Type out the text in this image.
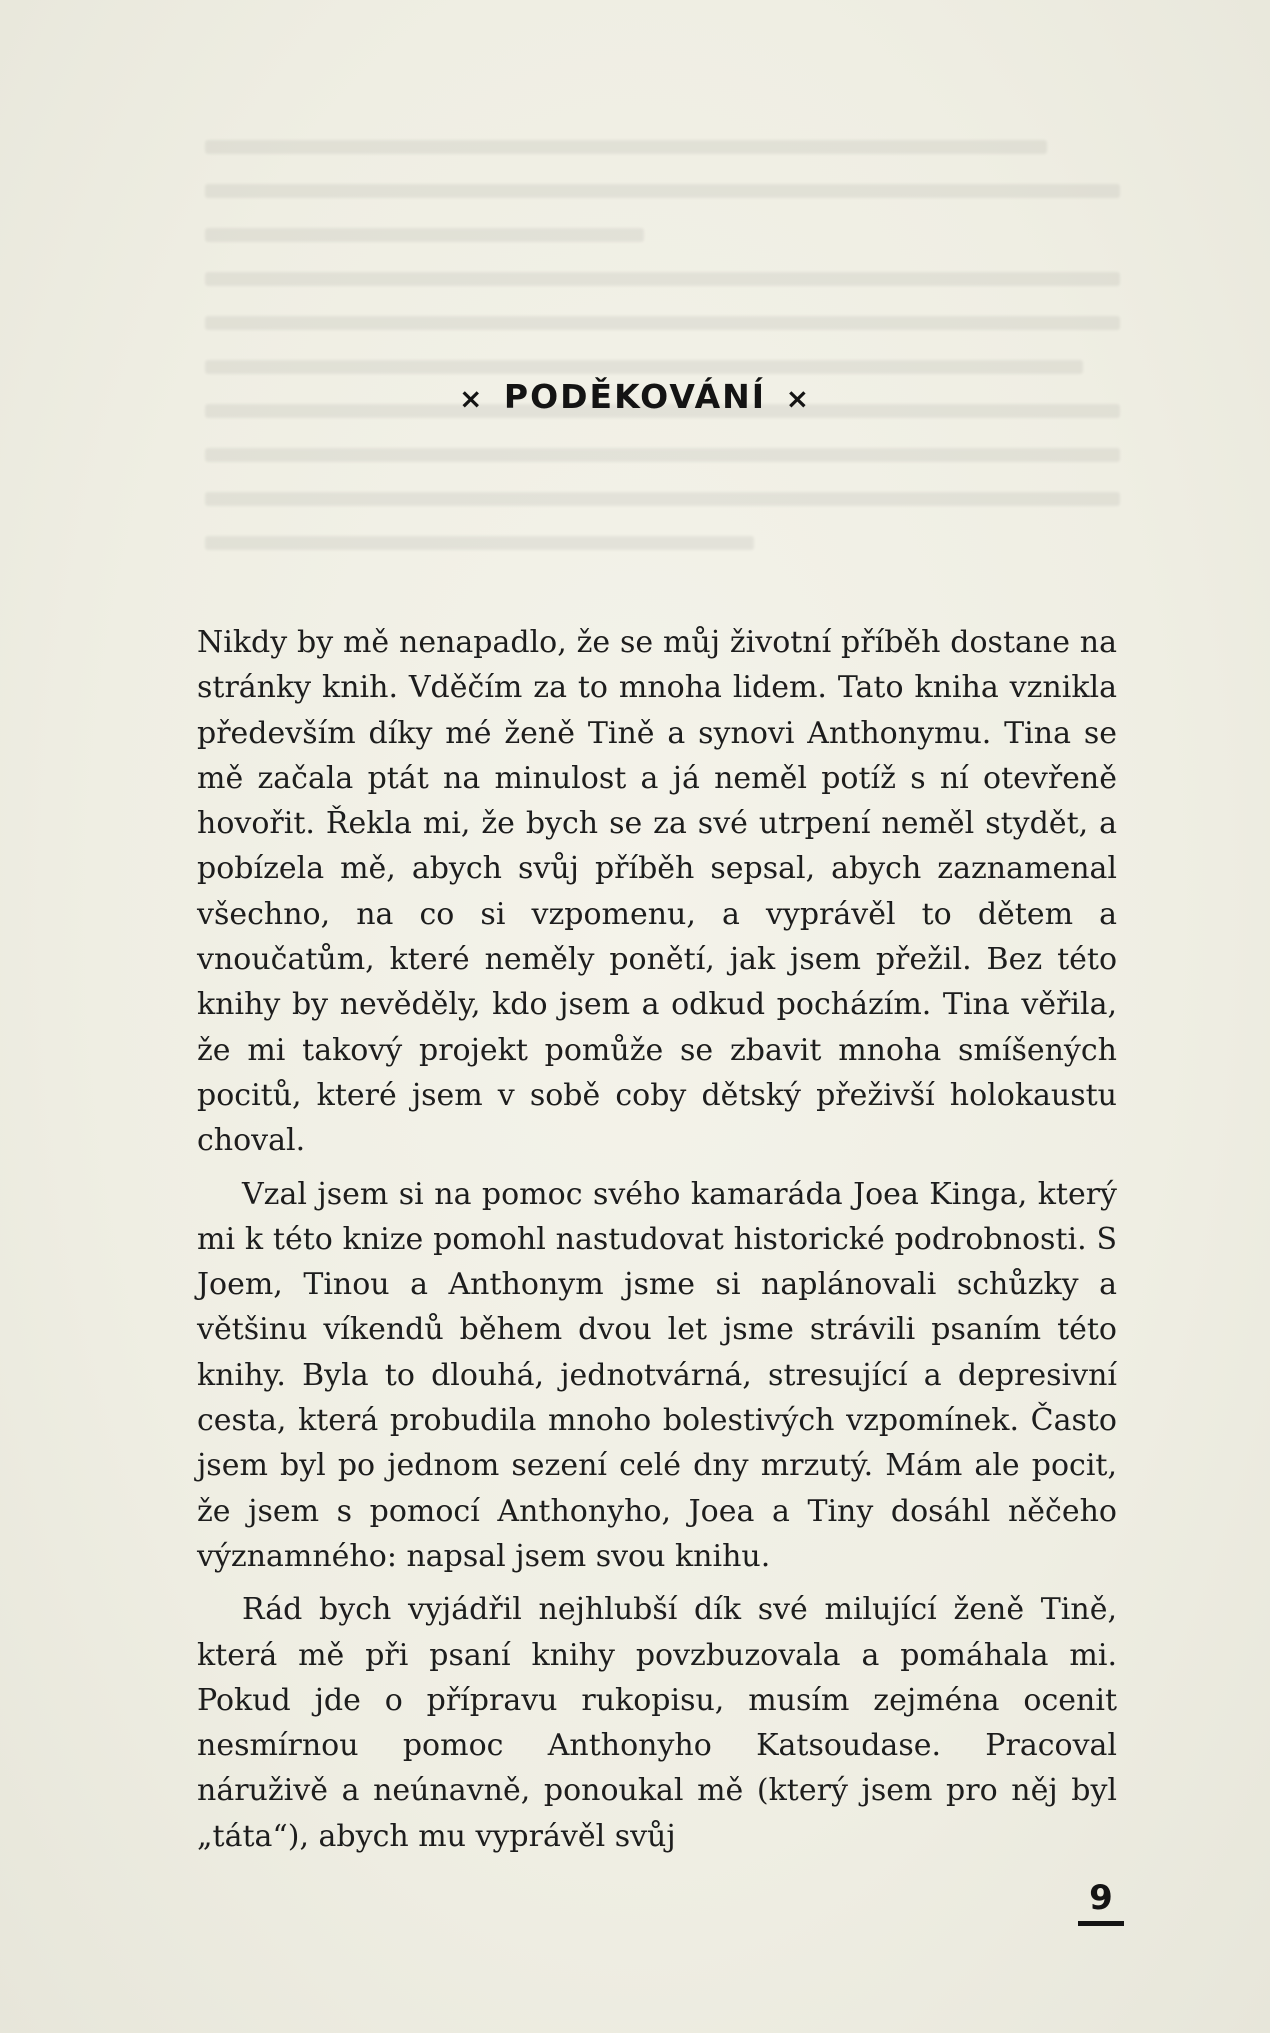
× PODĚKOVÁNÍ ×

Nikdy by mě nenapadlo, že se můj životní příběh dostane na stránky knih. Vděčím za to mnoha lidem. Tato kniha vznikla především díky mé ženě Tině a synovi Anthonymu. Tina se mě začala ptát na minulost a já neměl potíž s ní otevřeně hovořit. Řekla mi, že bych se za své utrpení neměl stydět, a pobízela mě, abych svůj příběh sepsal, abych zaznamenal všechno, na co si vzpomenu, a vyprávěl to dětem a vnoučatům, které neměly ponětí, jak jsem přežil. Bez této knihy by nevěděly, kdo jsem a odkud pocházím. Tina věřila, že mi takový projekt pomůže se zbavit mnoha smíšených pocitů, které jsem v sobě coby dětský přeživší holokaustu choval.

Vzal jsem si na pomoc svého kamaráda Joea Kinga, který mi k této knize pomohl nastudovat historické podrobnosti. S Joem, Tinou a Anthonym jsme si naplánovali schůzky a většinu víkendů během dvou let jsme strávili psaním této knihy. Byla to dlouhá, jednotvárná, stresující a depresivní cesta, která probudila mnoho bolestivých vzpomínek. Často jsem byl po jednom sezení celé dny mrzutý. Mám ale pocit, že jsem s pomocí Anthonyho, Joea a Tiny dosáhl něčeho významného: napsal jsem svou knihu.

Rád bych vyjádřil nejhlubší dík své milující ženě Tině, která mě při psaní knihy povzbuzovala a pomáhala mi. Pokud jde o přípravu rukopisu, musím zejména ocenit nesmírnou pomoc Anthonyho Katsoudase. Pracoval náruživě a neúnavně, ponoukal mě (který jsem pro něj byl „táta“), abych mu vyprávěl svůj

9
